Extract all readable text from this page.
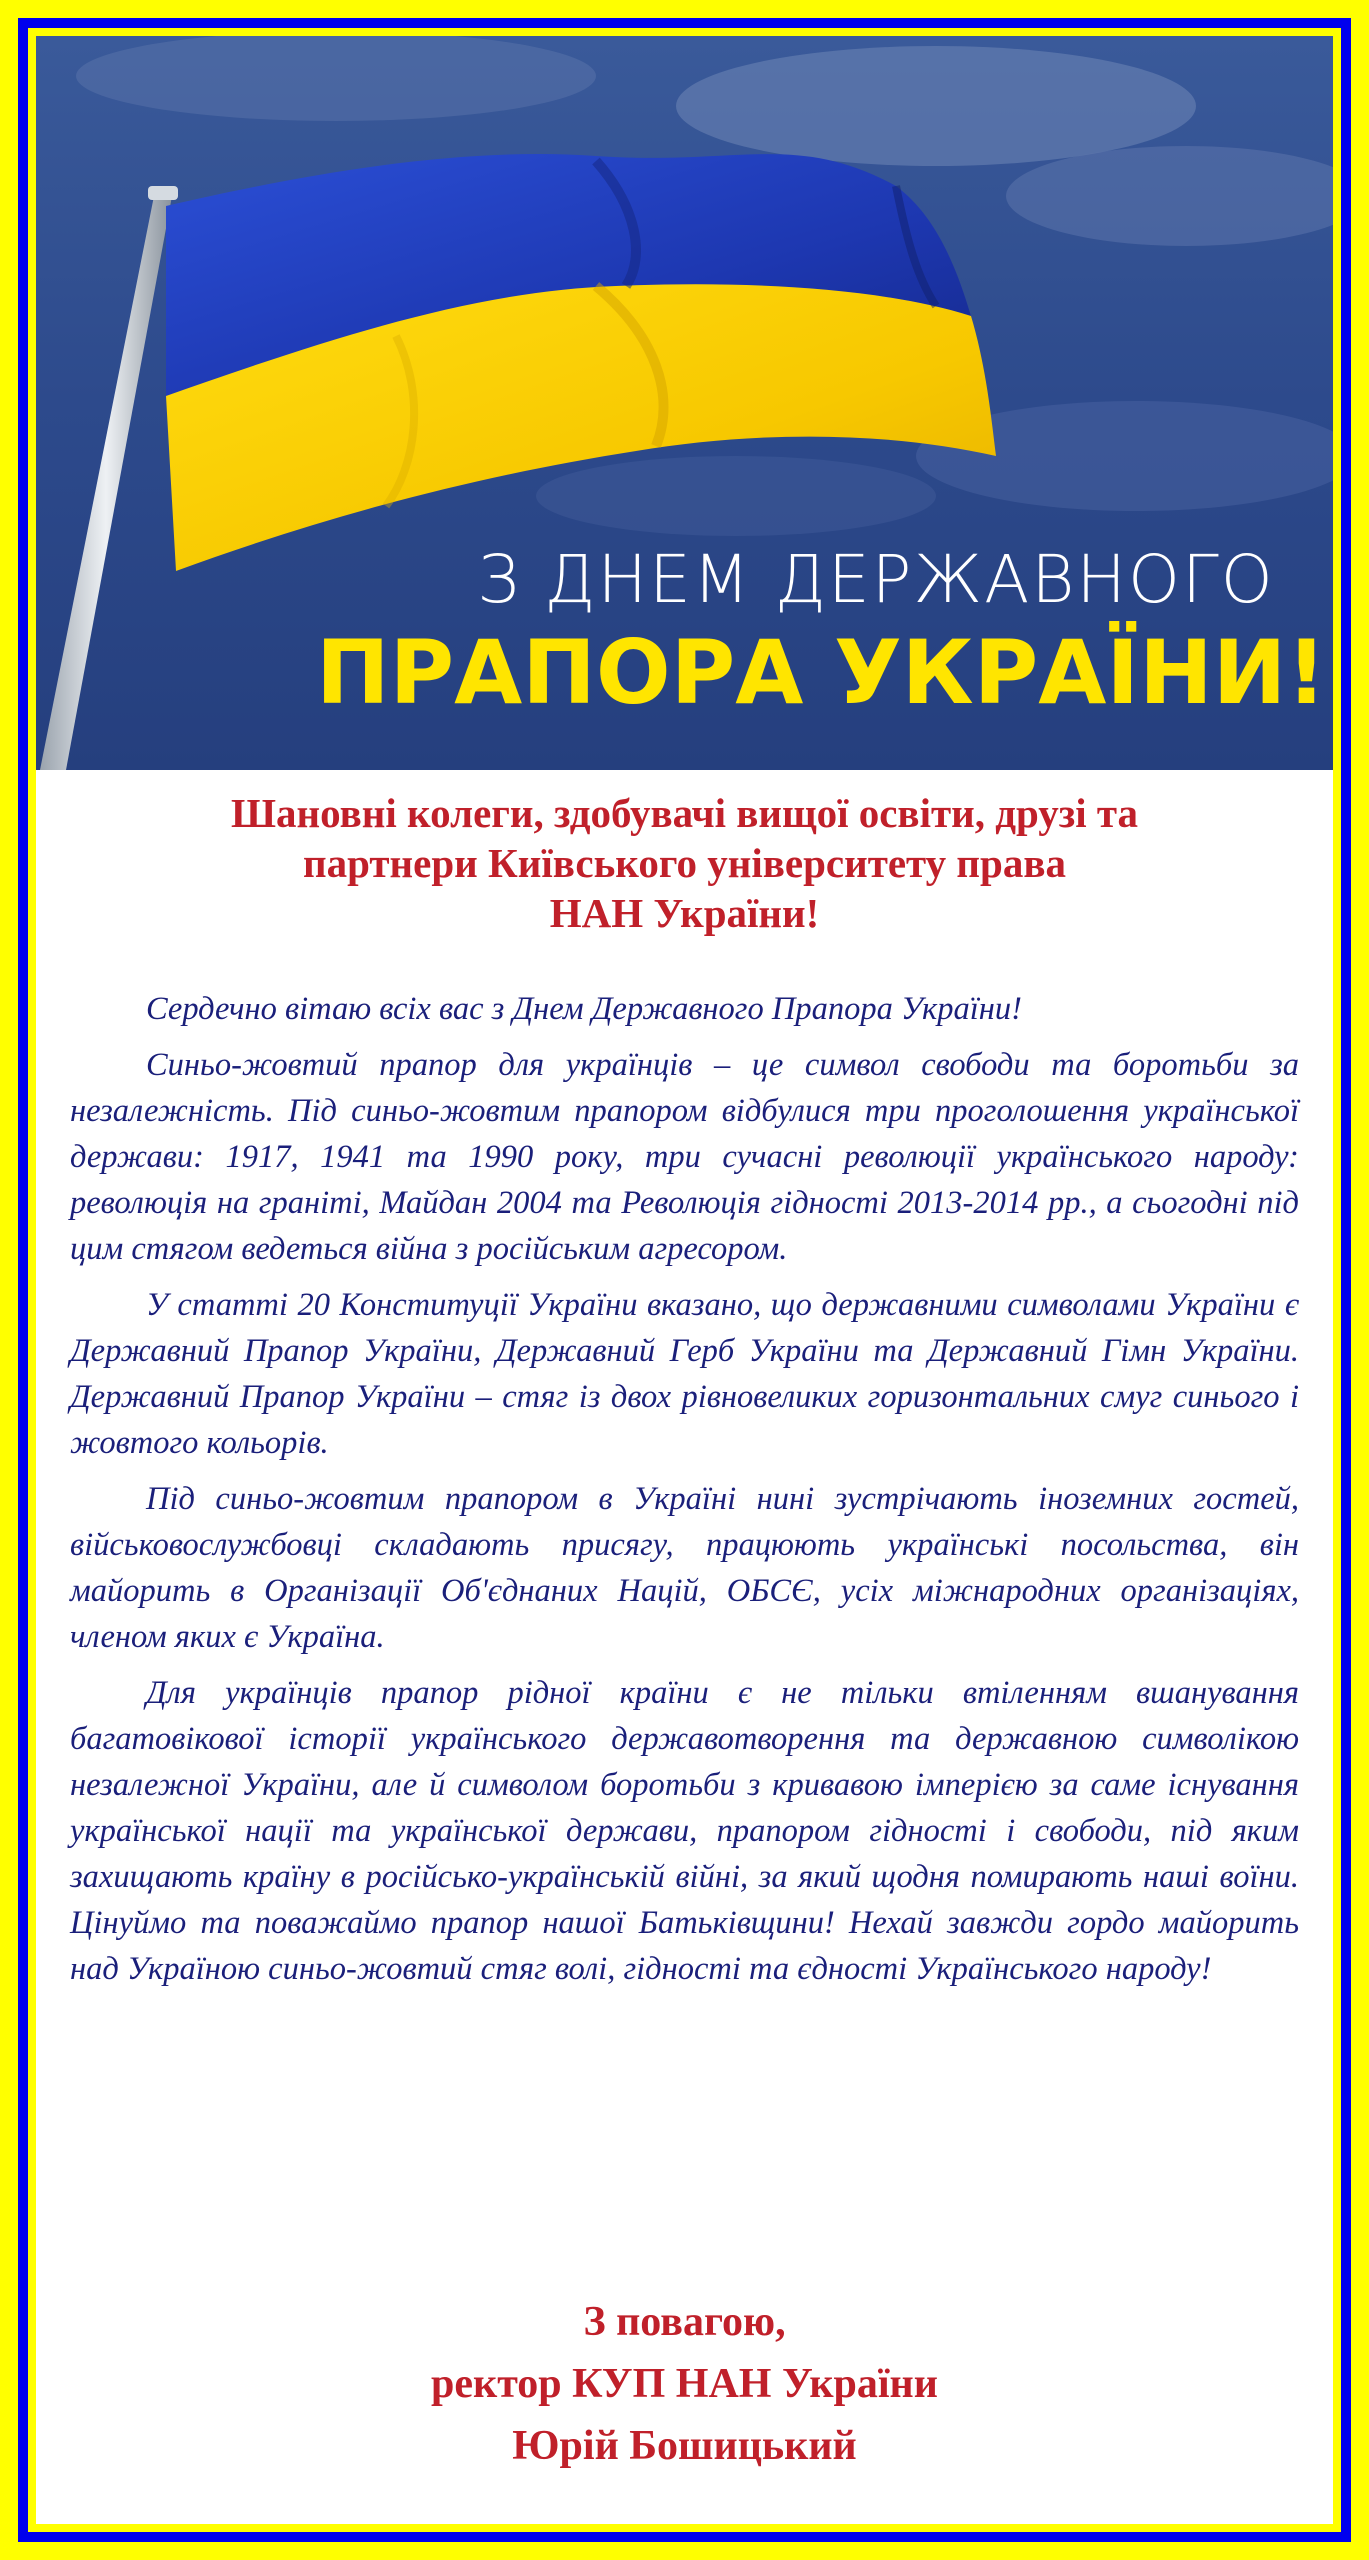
З ДНЕМ ДЕРЖАВНОГО
ПРАПОРА УКРАЇНИ!
Шановні колеги, здобувачі вищої освіти, друзі та
партнери Київського університету права
НАН України!

Сердечно вітаю всіх вас з Днем Державного Прапора України!

Синьо-жовтий прапор для українців – це символ свободи та боротьби за незалежність. Під синьо-жовтим прапором відбулися три проголошення української держави: 1917, 1941 та 1990 року, три сучасні революції українського народу: революція на граніті, Майдан 2004 та Революція гідності 2013-2014 рр., а сьогодні під цим стягом ведеться війна з російським агресором.

У статті 20 Конституції України вказано, що державними символами України є Державний Прапор України, Державний Герб України та Державний Гімн України. Державний Прапор України – стяг із двох рівновеликих горизонтальних смуг синього і жовтого кольорів.

Під синьо-жовтим прапором в Україні нині зустрічають іноземних гостей, військовослужбовці складають присягу, працюють українські посольства, він майорить в Організації Об'єднаних Націй, ОБСЄ, усіх міжнародних організаціях, членом яких є Україна.

Для українців прапор рідної країни є не тільки втіленням вшанування багатовікової історії українського державотворення та державною символікою незалежної України, але й символом боротьби з кривавою імперією за саме існування української нації та української держави, прапором гідності і свободи, під яким захищають країну в російсько-українській війні, за який щодня помирають наші воїни. Цінуймо та поважаймо прапор нашої Батьківщини! Нехай завжди гордо майорить над Україною синьо-жовтий стяг волі, гідності та єдності Українського народу!

З повагою,
ректор КУП НАН України
Юрій Бошицький
